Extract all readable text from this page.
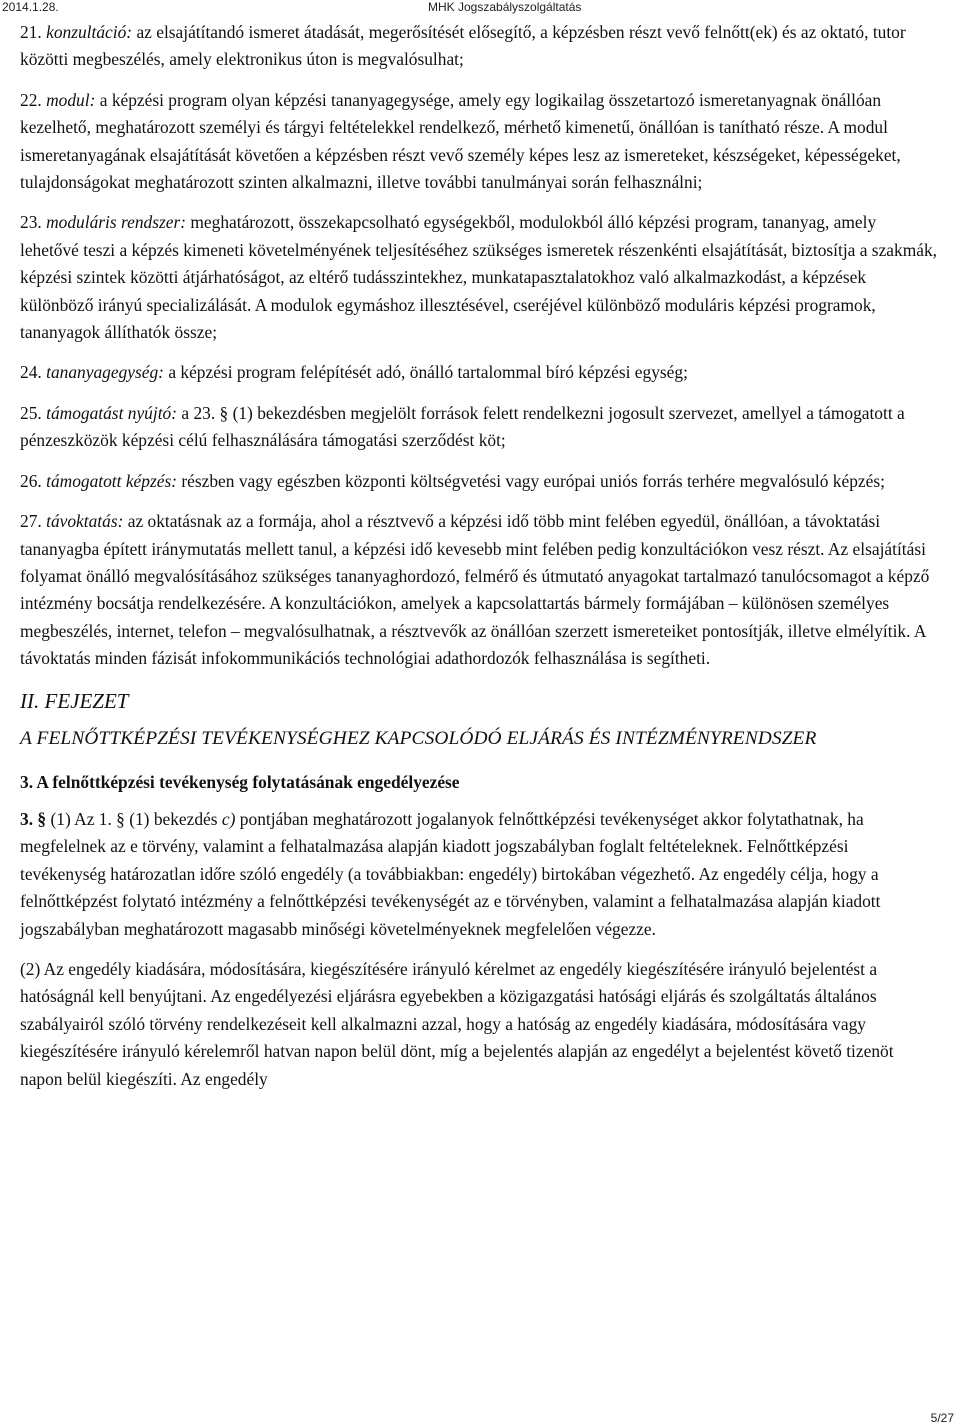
2014.1.28.	MHK Jogszabályszolgáltatás

21. konzultáció: az elsajátítandó ismeret átadását, megerősítését elősegítő, a képzésben részt vevő felnőtt(ek) és az oktató, tutor közötti megbeszélés, amely elektronikus úton is megvalósulhat;

22. modul: a képzési program olyan képzési tananyagegysége, amely egy logikailag összetartozó ismeretanyagnak önállóan kezelhető, meghatározott személyi és tárgyi feltételekkel rendelkező, mérhető kimenetű, önállóan is tanítható része. A modul ismeretanyagának elsajátítását követően a képzésben részt vevő személy képes lesz az ismereteket, készségeket, képességeket, tulajdonságokat meghatározott szinten alkalmazni, illetve további tanulmányai során felhasználni;

23. moduláris rendszer: meghatározott, összekapcsolható egységekből, modulokból álló képzési program, tananyag, amely lehetővé teszi a képzés kimeneti követelményének teljesítéséhez szükséges ismeretek részenkénti elsajátítását, biztosítja a szakmák, képzési szintek közötti átjárhatóságot, az eltérő tudásszintekhez, munkatapasztalatokhoz való alkalmazkodást, a képzések különböző irányú specializálását. A modulok egymáshoz illesztésével, cseréjével különböző moduláris képzési programok, tananyagok állíthatók össze;

24. tananyagegység: a képzési program felépítését adó, önálló tartalommal bíró képzési egység;

25. támogatást nyújtó: a 23. § (1) bekezdésben megjelölt források felett rendelkezni jogosult szervezet, amellyel a támogatott a pénzeszközök képzési célú felhasználására támogatási szerződést köt;

26. támogatott képzés: részben vagy egészben központi költségvetési vagy európai uniós forrás terhére megvalósuló képzés;

27. távoktatás: az oktatásnak az a formája, ahol a résztvevő a képzési idő több mint felében egyedül, önállóan, a távoktatási tananyagba épített iránymutatás mellett tanul, a képzési idő kevesebb mint felében pedig konzultációkon vesz részt. Az elsajátítási folyamat önálló megvalósításához szükséges tananyaghordozó, felmérő és útmutató anyagokat tartalmazó tanulócsomagot a képző intézmény bocsátja rendelkezésére. A konzultációkon, amelyek a kapcsolattartás bármely formájában – különösen személyes megbeszélés, internet, telefon – megvalósulhatnak, a résztvevők az önállóan szerzett ismereteiket pontosítják, illetve elmélyítik. A távoktatás minden fázisát infokommunikációs technológiai adathordozók felhasználása is segítheti.

II. FEJEZET
A FELNŐTTKÉPZÉSI TEVÉKENYSÉGHEZ KAPCSOLÓDÓ ELJÁRÁS ÉS INTÉZMÉNYRENDSZER

3. A felnőttképzési tevékenység folytatásának engedélyezése

3. § (1) Az 1. § (1) bekezdés c) pontjában meghatározott jogalanyok felnőttképzési tevékenységet akkor folytathatnak, ha megfelelnek az e törvény, valamint a felhatalmazása alapján kiadott jogszabályban foglalt feltételeknek. Felnőttképzési tevékenység határozatlan időre szóló engedély (a továbbiakban: engedély) birtokában végezhető. Az engedély célja, hogy a felnőttképzést folytató intézmény a felnőttképzési tevékenységét az e törvényben, valamint a felhatalmazása alapján kiadott jogszabályban meghatározott magasabb minőségi követelményeknek megfelelően végezze.

(2) Az engedély kiadására, módosítására, kiegészítésére irányuló kérelmet az engedély kiegészítésére irányuló bejelentést a hatóságnál kell benyújtani. Az engedélyezési eljárásra egyebekben a közigazgatási hatósági eljárás és szolgáltatás általános szabályairól szóló törvény rendelkezéseit kell alkalmazni azzal, hogy a hatóság az engedély kiadására, módosítására vagy kiegészítésére irányuló kérelemről hatvan napon belül dönt, míg a bejelentés alapján az engedélyt a bejelentést követő tizenöt napon belül kiegészíti. Az engedély

5/27
